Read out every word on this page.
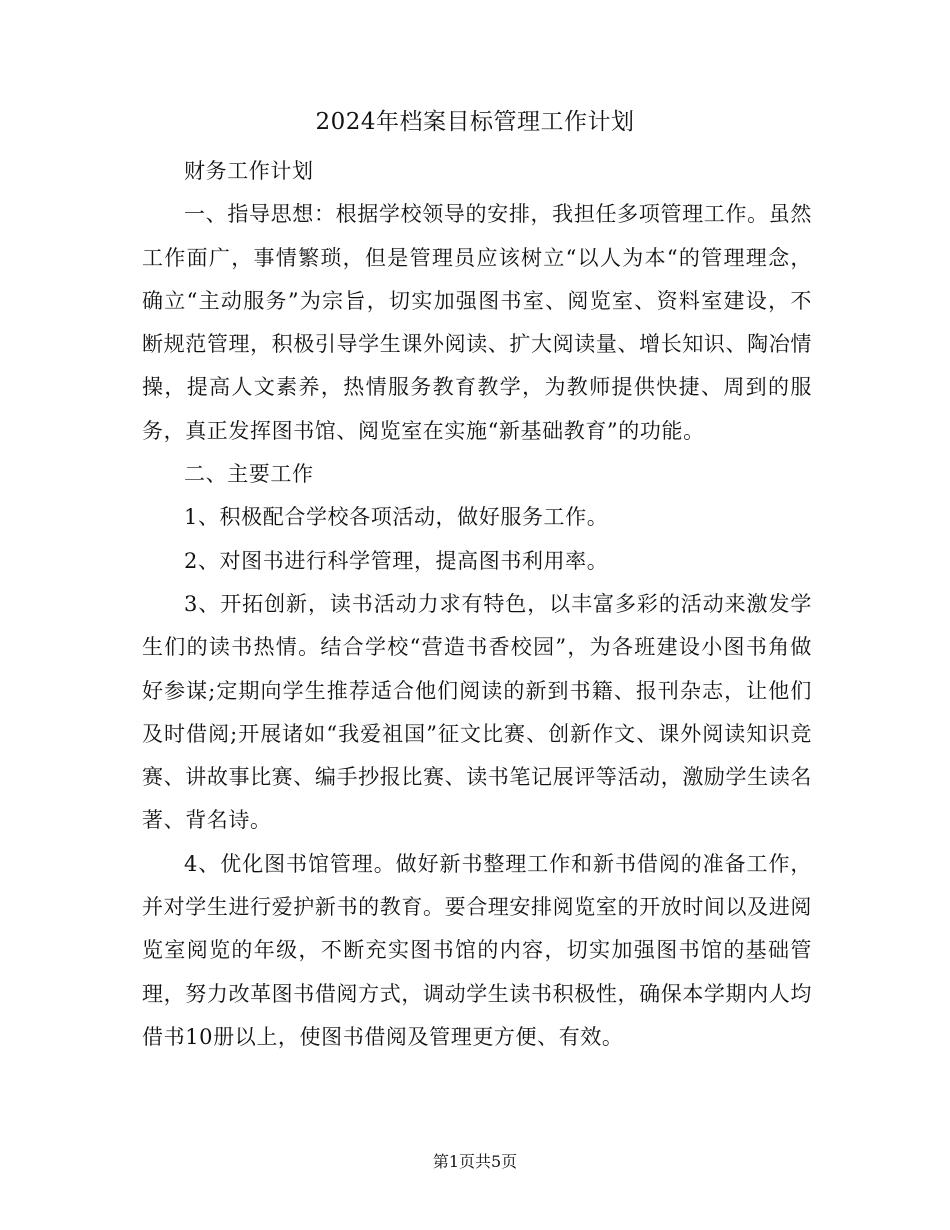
2024年档案目标管理工作计划

财务工作计划

一、指导思想：根据学校领导的安排，我担任多项管理工作。虽然工作面广，事情繁琐，但是管理员应该树立“以人为本“的管理理念，确立“主动服务”为宗旨，切实加强图书室、阅览室、资料室建设，不断规范管理，积极引导学生课外阅读、扩大阅读量、增长知识、陶冶情操，提高人文素养，热情服务教育教学，为教师提供快捷、周到的服务，真正发挥图书馆、阅览室在实施“新基础教育”的功能。

二、主要工作

1、积极配合学校各项活动，做好服务工作。

2、对图书进行科学管理，提高图书利用率。

3、开拓创新，读书活动力求有特色，以丰富多彩的活动来激发学生们的读书热情。结合学校“营造书香校园”，为各班建设小图书角做好参谋;定期向学生推荐适合他们阅读的新到书籍、报刊杂志，让他们及时借阅;开展诸如“我爱祖国”征文比赛、创新作文、课外阅读知识竞赛、讲故事比赛、编手抄报比赛、读书笔记展评等活动，激励学生读名著、背名诗。

4、优化图书馆管理。做好新书整理工作和新书借阅的准备工作，并对学生进行爱护新书的教育。要合理安排阅览室的开放时间以及进阅览室阅览的年级，不断充实图书馆的内容，切实加强图书馆的基础管理，努力改革图书借阅方式，调动学生读书积极性，确保本学期内人均借书10册以上，使图书借阅及管理更方便、有效。

第1页共5页
